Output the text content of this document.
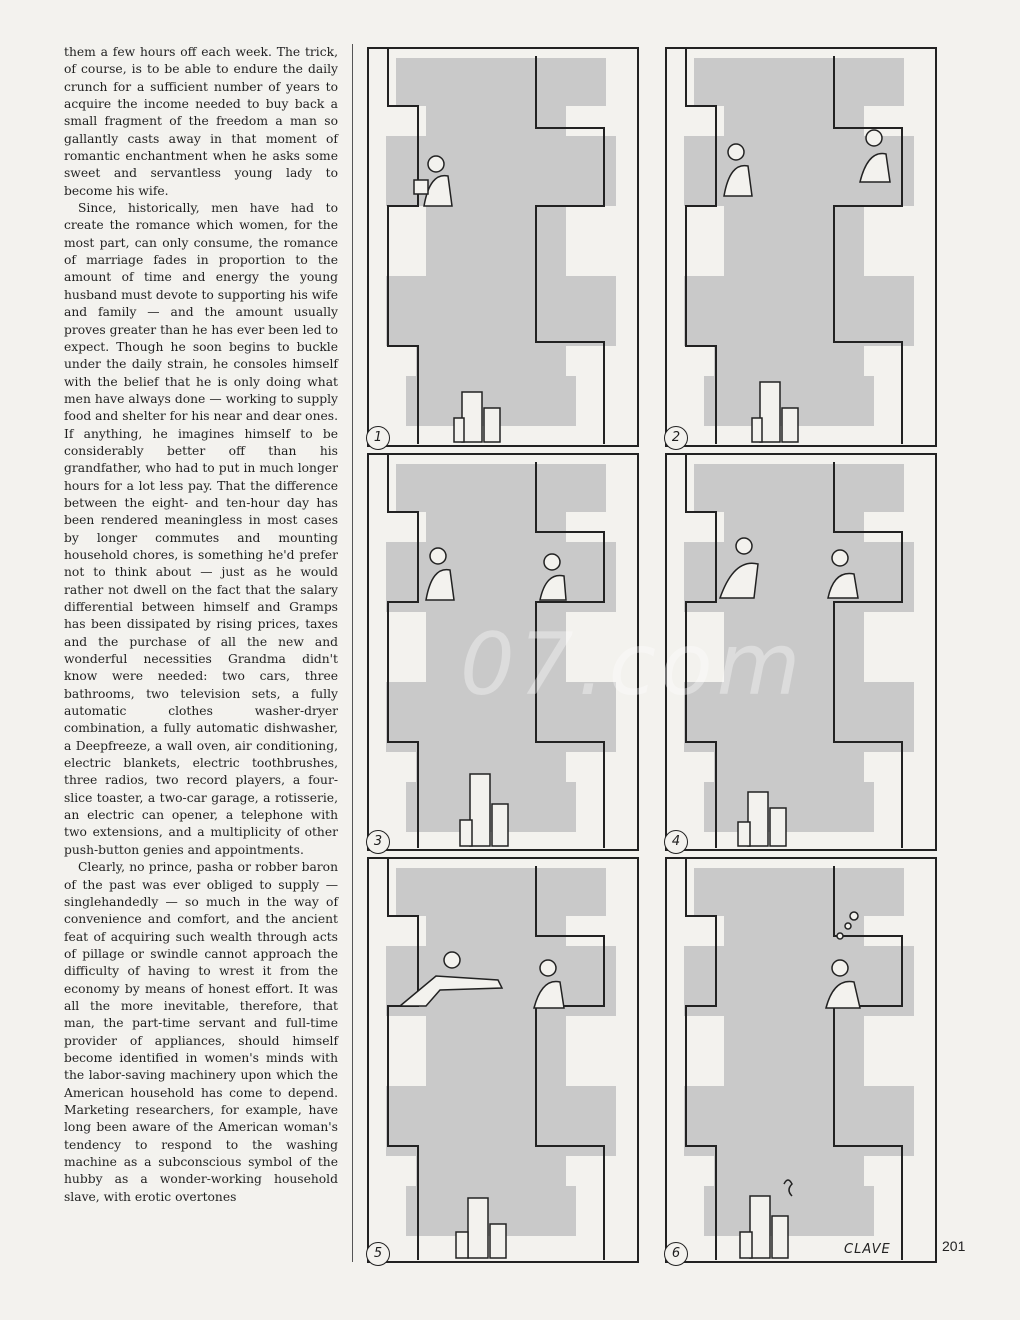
them a few hours off each week. The trick, of course, is to be able to endure the daily crunch for a sufficient number of years to acquire the income needed to buy back a small fragment of the freedom a man so gallantly casts away in that moment of romantic enchantment when he asks some sweet and servantless young lady to become his wife.

Since, historically, men have had to create the romance which women, for the most part, can only consume, the romance of marriage fades in proportion to the amount of time and energy the young husband must devote to supporting his wife and family — and the amount usually proves greater than he has ever been led to expect. Though he soon begins to buckle under the daily strain, he consoles himself with the belief that he is only doing what men have always done — working to supply food and shelter for his near and dear ones. If anything, he imagines himself to be considerably better off than his grandfather, who had to put in much longer hours for a lot less pay. That the difference between the eight- and ten-hour day has been rendered meaningless in most cases by longer commutes and mounting household chores, is something he'd prefer not to think about — just as he would rather not dwell on the fact that the salary differential between himself and Gramps has been dissipated by rising prices, taxes and the purchase of all the new and wonderful necessities Grandma didn't know were needed: two cars, three bathrooms, two television sets, a fully automatic clothes washer-dryer combination, a fully automatic dishwasher, a Deepfreeze, a wall oven, air conditioning, electric blankets, electric toothbrushes, three radios, two record players, a four-slice toaster, a two-car garage, a rotisserie, an electric can opener, a telephone with two extensions, and a multiplicity of other push-button genies and appointments.

Clearly, no prince, pasha or robber baron of the past was ever obliged to supply — singlehandedly — so much in the way of convenience and comfort, and the ancient feat of acquiring such wealth through acts of pillage or swindle cannot approach the difficulty of having to wrest it from the economy by means of honest effort. It was all the more inevitable, therefore, that man, the part-time servant and full-time provider of appliances, should himself become identified in women's minds with the labor-saving machinery upon which the American household has come to depend. Marketing researchers, for example, have long been aware of the American woman's tendency to respond to the washing machine as a subconscious symbol of the hubby as a wonder-working household slave, with erotic overtones

1	2
3	4
5	6	CLAVE	201
07.com
